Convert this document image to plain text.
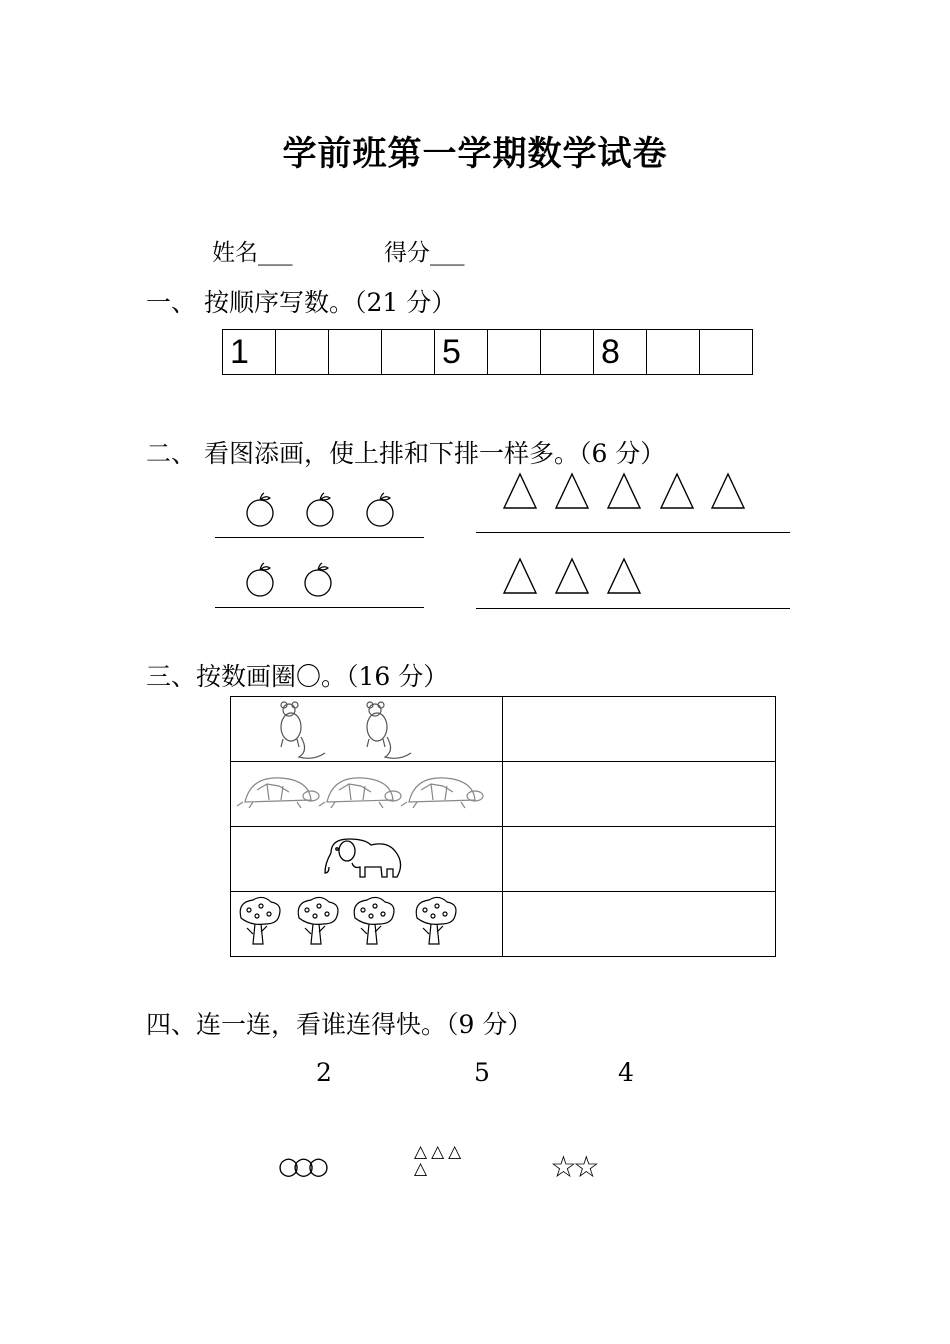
学前班第一学期数学试卷
姓名___	得分___
一、 按顺序写数。（21 分）
1				5			8		
二、 看图添画，使上排和下排一样多。（6 分）
三、按数画圈〇。（16 分）

四、连一连，看谁连得快。（9 分）
2	5	4
○○○	△△△△	☆☆
